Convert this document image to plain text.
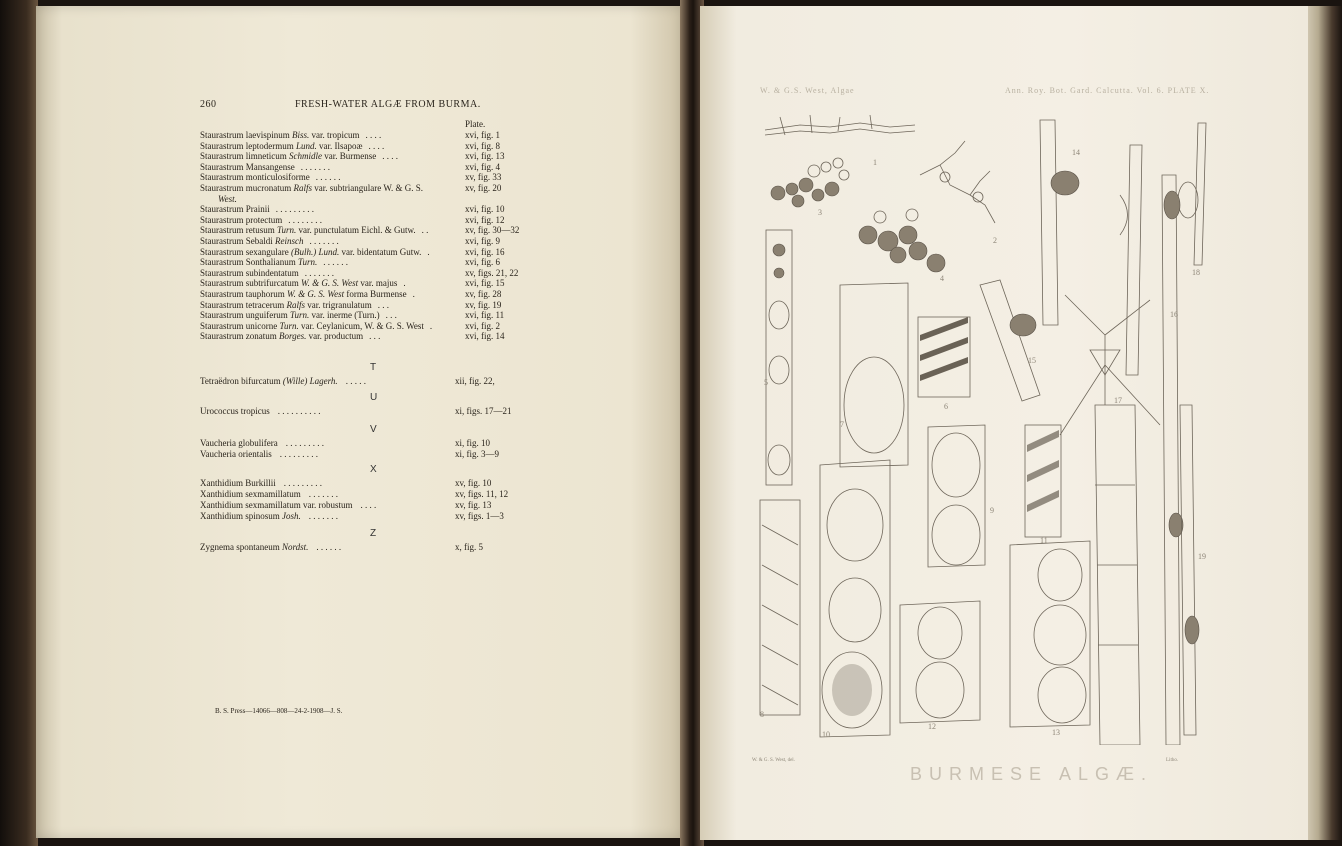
260	FRESH-WATER ALGÆ FROM BURMA.
Plate.
Staurastrum laevispinum Biss. var. tropicum . . . .	xvi, fig. 1
Staurastrum leptodermum Lund. var. Ilsapoæ . . . .	xvi, fig. 8
Staurastrum limneticum Schmidle var. Burmense . . . .	xvi, fig. 13
Staurastrum Mansangense . . . . . . .	xvi, fig. 4
Staurastrum monticulosiforme . . . . . .	xv, fig. 33
Staurastrum mucronatum Ralfs var. subtriangulare W. & G. S.	xv, fig. 20
West.
Staurastrum Prainii . . . . . . . . .	xvi, fig. 10
Staurastrum protectum . . . . . . . .	xvi, fig. 12
Staurastrum retusum Turn. var. punctulatum Eichl. & Gutw. . .	xv, fig. 30—32
Staurastrum Sebaldi Reinsch . . . . . . .	xvi, fig. 9
Staurastrum sexangulare (Bulh.) Lund. var. bidentatum Gutw. .	xvi, fig. 16
Staurastrum Sonthalianum Turn. . . . . . .	xvi, fig. 6
Staurastrum subindentatum . . . . . . .	xv, figs. 21, 22
Staurastrum subtrifurcatum W. & G. S. West var. majus .	xvi, fig. 15
Staurastrum tauphorum W. & G. S. West forma Burmense .	xv, fig. 28
Staurastrum tetracerum Ralfs var. trigranulatum . . .	xv, fig. 19
Staurastrum unguiferum Turn. var. inerme (Turn.) . . .	xvi, fig. 11
Staurastrum unicorne Turn. var. Ceylanicum, W. & G. S. West .	xvi, fig. 2
Staurastrum zonatum Borges. var. productum . . .	xvi, fig. 14
T
Tetraëdron bifurcatum (Wille) Lagerh. . . . . .	xii, fig. 22,
U
Urococcus tropicus . . . . . . . . . .	xi, figs. 17—21
V
Vaucheria globulifera . . . . . . . . .	xi, fig. 10
Vaucheria orientalis . . . . . . . . .	xi, fig. 3—9
X
Xanthidium Burkillii . . . . . . . . .	xv, fig. 10
Xanthidium sexmamillatum . . . . . . .	xv, figs. 11, 12
Xanthidium sexmamillatum var. robustum . . . .	xv, fig. 13
Xanthidium spinosum Josh. . . . . . . .	xv, figs. 1—3
Z
Zygnema spontaneum Nordst. . . . . . .	x, fig. 5
B. S. Press—14066—808—24-2-1908—J. S.
W. & G.S. West, Algae	Ann. Roy. Bot. Gard. Calcutta. Vol. 6. PLATE X.
3
1
2
4
5
6
7
8
9
10
11
12
13
14
15
16
17
18
19
W. & G. S. West, del.	Litho.
BURMESE ALGÆ.
